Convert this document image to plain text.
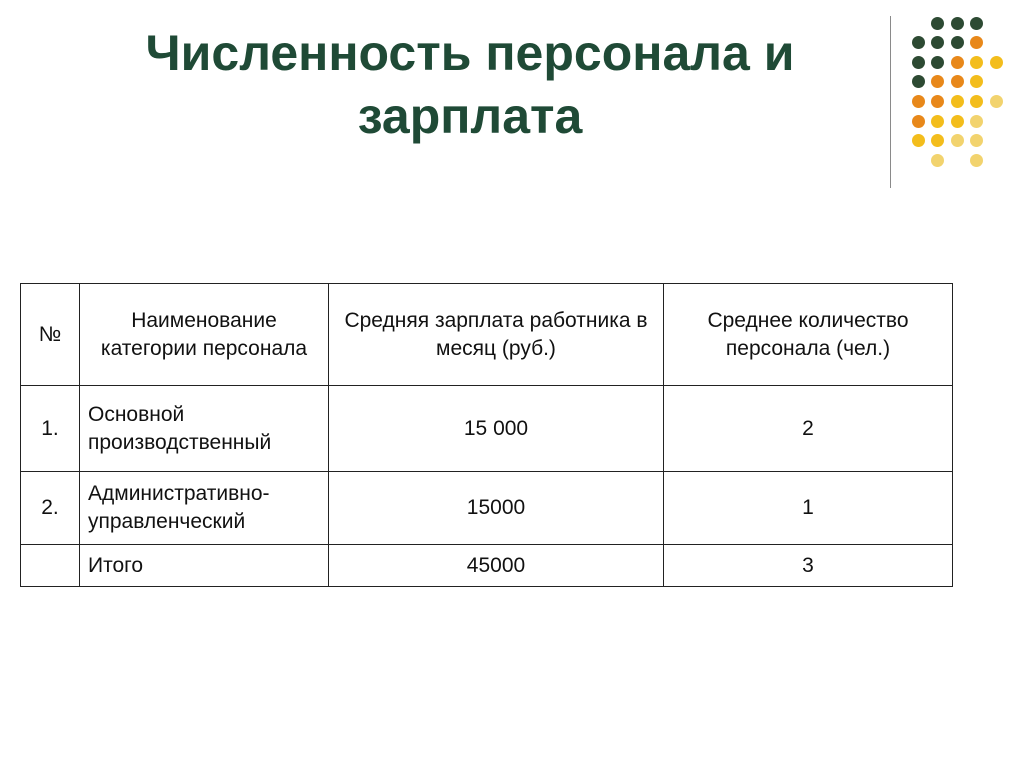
Численность персонала и зарплата
№	Наименование категории персонала	Средняя зарплата работника в месяц (руб.)	Среднее количество персонала (чел.)
1.	Основной производственный	15 000	2
2.	Административно-управленческий	15000	1
	Итого	45000	3
